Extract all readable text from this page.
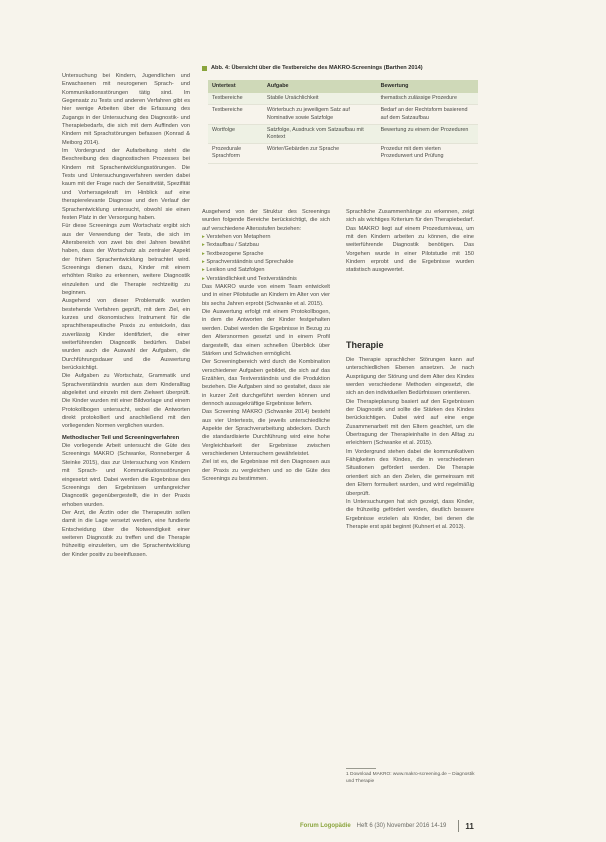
Untersuchung bei Kindern, Jugendlichen und Erwachsenen mit neurogenen Sprach- und Kommunikationsstörungen tätig sind. Im Gegensatz zu Tests und anderen Verfahren gibt es hier wenige Arbeiten über die Erfassung des Zugangs in der Untersuchung des Diagnostik- und Therapiebedarfs, die sich mit dem Auffinden von Kindern mit Sprachstörungen befassen (Konrad & Meiborg 2014).

Im Vordergrund der Aufarbeitung steht die Beschreibung des diagnostischen Prozesses bei Kindern mit Sprachentwicklungsstörungen. Die Tests und Untersuchungsverfahren werden dabei kaum mit der Frage nach der Sensitivität, Spezifität und Vorhersagekraft im Hinblick auf eine therapierelevante Diagnose und den Verlauf der Sprachentwicklung untersucht, obwohl sie einen festen Platz in der Versorgung haben.

Für diese Screenings zum Wortschatz ergibt sich aus der Verwendung der Tests, die sich im Altersbereich von zwei bis drei Jahren bewährt haben, dass der Wortschatz als zentraler Aspekt der frühen Sprachentwicklung betrachtet wird. Screenings dienen dazu, Kinder mit einem erhöhten Risiko zu erkennen, weitere Diagnostik einzuleiten und die Therapie rechtzeitig zu beginnen.

Ausgehend von dieser Problematik wurden bestehende Verfahren geprüft, mit dem Ziel, ein kurzes und ökonomisches Instrument für die sprachtherapeutische Praxis zu entwickeln, das zuverlässig Kinder identifiziert, die einer weiterführenden Diagnostik bedürfen. Dabei wurden auch die Auswahl der Aufgaben, die Durchführungsdauer und die Auswertung berücksichtigt.

Die Aufgaben zu Wortschatz, Grammatik und Sprachverständnis wurden aus dem Kinderalltag abgeleitet und einzeln mit dem Zielwert überprüft. Die Kinder wurden mit einer Bildvorlage und einem Protokollbogen untersucht, wobei die Antworten direkt protokolliert und anschließend mit den vorliegenden Normen verglichen wurden.

Methodischer Teil und Screeningverfahren

Die vorliegende Arbeit untersucht die Güte des Screenings MAKRO (Schwanke, Ronneberger & Steinke 2015), das zur Untersuchung von Kindern mit Sprach- und Kommunikationsstörungen eingesetzt wird. Dabei werden die Ergebnisse des Screenings den Ergebnissen umfangreicher Diagnostik gegenübergestellt, die in der Praxis erhoben wurden.

Der Arzt, die Ärztin oder die Therapeutin sollen damit in die Lage versetzt werden, eine fundierte Entscheidung über die Notwendigkeit einer weiteren Diagnostik zu treffen und die Therapie frühzeitig einzuleiten, um die Sprachentwicklung der Kinder positiv zu beeinflussen.

Abb. 4: Übersicht über die Testbereiche des MAKRO-Screenings (Barthen 2014)
Untertest	Aufgabe	Bewertung
Textbereiche	Stabile Ursächlichkeit	thematisch zulässige Prozedure
Textbereiche	Wörterbuch zu jeweiligem Satz auf Nominative sowie Satzfolge	Bedarf an der Rechtsform basierend auf dem Satzaufbau
Wortfolge	Satzfolge, Ausdruck vom Satzaufbau mit Kontext	Bewertung zu einem der Prozeduren
Prozedurale Sprachform	Wörter/Gebärden zur Sprache	Prozedur mit dem vierten Prozedurwert und Prüfung

Ausgehend von der Struktur des Screenings wurden folgende Bereiche berücksichtigt, die sich auf verschiedene Altersstufen beziehen:

▸ Verstehen von Metaphern
▸ Textaufbau / Satzbau
▸ Textbezogene Sprache
▸ Sprachverständnis und Sprechakte
▸ Lexikon und Satzfolgen
▸ Verständlichkeit und Textverständnis

Das MAKRO wurde von einem Team entwickelt und in einer Pilotstudie an Kindern im Alter von vier bis sechs Jahren erprobt (Schwanke et al. 2015).

Die Auswertung erfolgt mit einem Protokollbogen, in dem die Antworten der Kinder festgehalten werden. Dabei werden die Ergebnisse in Bezug zu den Altersnormen gesetzt und in einem Profil dargestellt, das einen schnellen Überblick über Stärken und Schwächen ermöglicht.

Der Screeningbereich wird durch die Kombination verschiedener Aufgaben gebildet, die sich auf das Erzählen, das Textverständnis und die Produktion beziehen. Die Aufgaben sind so gestaltet, dass sie in kurzer Zeit durchgeführt werden können und dennoch aussagekräftige Ergebnisse liefern.

Das Screening MAKRO (Schwanke 2014) besteht aus vier Untertests, die jeweils unterschiedliche Aspekte der Sprachverarbeitung abdecken. Durch die standardisierte Durchführung wird eine hohe Vergleichbarkeit der Ergebnisse zwischen verschiedenen Untersuchern gewährleistet.

Ziel ist es, die Ergebnisse mit den Diagnosen aus der Praxis zu vergleichen und so die Güte des Screenings zu bestimmen.

Sprachliche Zusammenhänge zu erkennen, zeigt sich als wichtiges Kriterium für den Therapiebedarf. Das MAKRO liegt auf einem Prozedurniveau, um mit den Kindern arbeiten zu können, die eine weiterführende Diagnostik benötigen. Das Vorgehen wurde in einer Pilotstudie mit 150 Kindern erprobt und die Ergebnisse wurden statistisch ausgewertet.

Therapie

Die Therapie sprachlicher Störungen kann auf unterschiedlichen Ebenen ansetzen. Je nach Ausprägung der Störung und dem Alter des Kindes werden verschiedene Methoden eingesetzt, die sich an den individuellen Bedürfnissen orientieren.

Die Therapieplanung basiert auf den Ergebnissen der Diagnostik und sollte die Stärken des Kindes berücksichtigen. Dabei wird auf eine enge Zusammenarbeit mit den Eltern geachtet, um die Übertragung der Therapieinhalte in den Alltag zu erleichtern (Schwanke et al. 2015).

Im Vordergrund stehen dabei die kommunikativen Fähigkeiten des Kindes, die in verschiedenen Situationen gefördert werden. Die Therapie orientiert sich an den Zielen, die gemeinsam mit den Eltern formuliert wurden, und wird regelmäßig überprüft.

In Untersuchungen hat sich gezeigt, dass Kinder, die frühzeitig gefördert werden, deutlich bessere Ergebnisse erzielen als Kinder, bei denen die Therapie erst spät beginnt (Kuhnert et al. 2013).

1 Download MAKRO: www.makro-screening.de – Diagnostik und Therapie
Forum Logopädie Heft 6 (30) November 2016 14-19 11
